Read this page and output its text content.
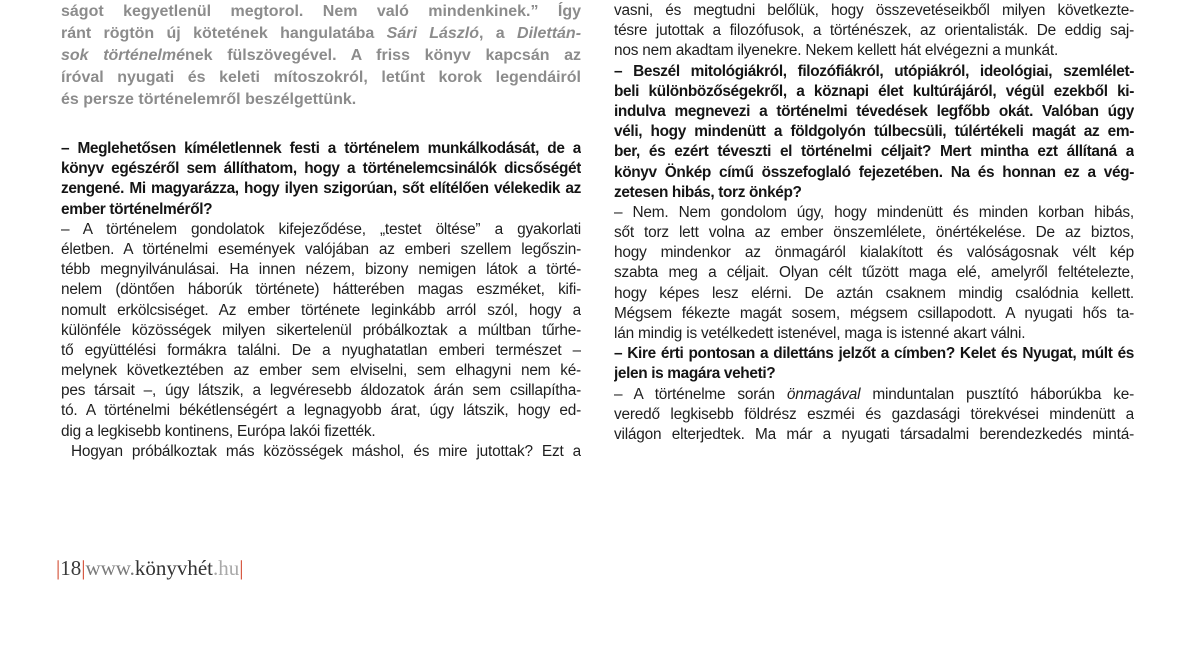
ságot kegyetlenül megtorol. Nem való mindenkinek.” Így
ránt rögtön új kötetének hangulatába Sári László, a Dilettán-
sok történelmének fülszövegével. A friss könyv kapcsán az
íróval nyugati és keleti mítoszokról, letűnt korok legendáiról
és persze történelemről beszélgettünk.
– Meglehetősen kíméletlennek festi a történelem munkálkodását, de a
könyv egészéről sem állíthatom, hogy a történelemcsinálók dicsőségét
zengené. Mi magyarázza, hogy ilyen szigorúan, sőt elítélően vélekedik az
ember történelméről?
– A történelem gondolatok kifejeződése, „testet öltése” a gyakorlati
életben. A történelmi események valójában az emberi szellem legőszin-
tébb megnyilvánulásai. Ha innen nézem, bizony nemigen látok a törté-
nelem (döntően háborúk története) hátterében magas eszméket, kifi-
nomult erkölcsiséget. Az ember története leginkább arról szól, hogy a
különféle közösségek milyen sikertelenül próbálkoztak a múltban tűrhe-
tő együttélési formákra találni. De a nyughatatlan emberi természet –
melynek következtében az ember sem elviselni, sem elhagyni nem ké-
pes társait –, úgy látszik, a legvéresebb áldozatok árán sem csillapítha-
tó. A történelmi békétlenségért a legnagyobb árat, úgy látszik, hogy ed-
dig a legkisebb kontinens, Európa lakói fizették.
Hogyan próbálkoztak más közösségek máshol, és mire jutottak? Ezt a
vasni, és megtudni belőlük, hogy összevetéseikből milyen következte-
tésre jutottak a filozófusok, a történészek, az orientalisták. De eddig saj-
nos nem akadtam ilyenekre. Nekem kellett hát elvégezni a munkát.
– Beszél mitológiákról, filozófiákról, utópiákról, ideológiai, szemlélet-
beli különbözőségekről, a köznapi élet kultúrájáról, végül ezekből ki-
indulva megnevezi a történelmi tévedések legfőbb okát. Valóban úgy
véli, hogy mindenütt a földgolyón túlbecsüli, túlértékeli magát az em-
ber, és ezért téveszti el történelmi céljait? Mert mintha ezt állítaná a
könyv Önkép című összefoglaló fejezetében. Na és honnan ez a vég-
zetesen hibás, torz önkép?
– Nem. Nem gondolom úgy, hogy mindenütt és minden korban hibás,
sőt torz lett volna az ember önszemlélete, önértékelése. De az biztos,
hogy mindenkor az önmagáról kialakított és valóságosnak vélt kép
szabta meg a céljait. Olyan célt tűzött maga elé, amelyről feltételezte,
hogy képes lesz elérni. De aztán csaknem mindig csalódnia kellett.
Mégsem fékezte magát sosem, mégsem csillapodott. A nyugati hős ta-
lán mindig is vetélkedett istenével, maga is istenné akart válni.
– Kire érti pontosan a dilettáns jelzőt a címben? Kelet és Nyugat, múlt és
jelen is magára veheti?
– A történelme során önmagával minduntalan pusztító háborúkba ke-
veredő legkisebb földrész eszméi és gazdasági törekvései mindenütt a
világon elterjedtek. Ma már a nyugati társadalmi berendezkedés mintá-
|18|www.könyvhét.hu|
